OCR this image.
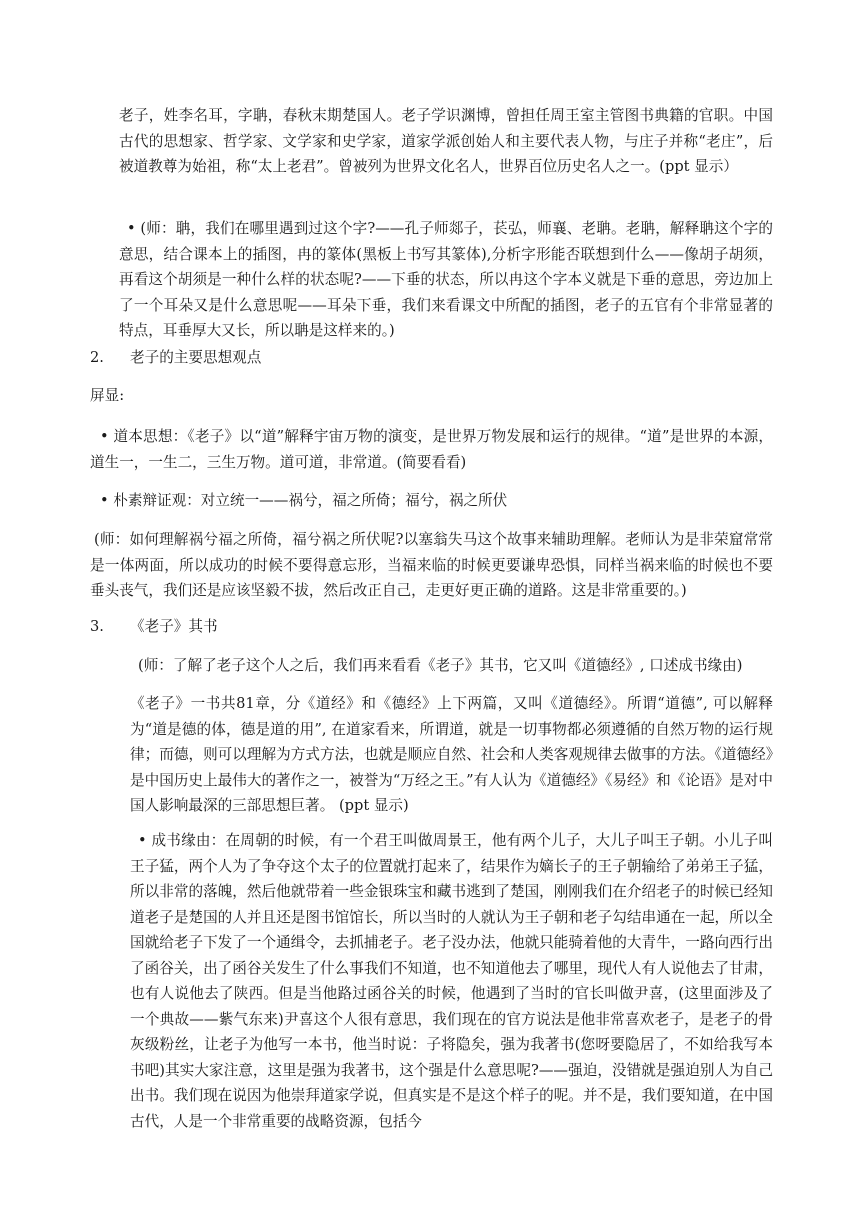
老子，姓李名耳，字聃，春秋末期楚国人。老子学识渊博，曾担任周王室主管图书典籍的官职。中国古代的思想家、哲学家、文学家和史学家，道家学派创始人和主要代表人物，与庄子并称“老庄”，后被道教尊为始祖，称“太上老君”。曾被列为世界文化名人，世界百位历史名人之一。(ppt 显示）

• (师：聃，我们在哪里遇到过这个字?——孔子师郯子，苌弘，师襄、老聃。老聃，解释聃这个字的意思，结合课本上的插图，冉的篆体(黑板上书写其篆体),分析字形能否联想到什么——像胡子胡须，再看这个胡须是一种什么样的状态呢?——下垂的状态，所以冉这个字本义就是下垂的意思，旁边加上了一个耳朵又是什么意思呢——耳朵下垂，我们来看课文中所配的插图，老子的五官有个非常显著的特点，耳垂厚大又长，所以聃是这样来的。)

2. 老子的主要思想观点
屏显:

• 道本思想：《老子》以“道”解释宇宙万物的演变，是世界万物发展和运行的规律。“道”是世界的本源，道生一，一生二，三生万物。道可道，非常道。(简要看看)

• 朴素辩证观：对立统一——祸兮，福之所倚；福兮，祸之所伏

(师：如何理解祸兮福之所倚，福兮祸之所伏呢?以塞翁失马这个故事来辅助理解。老师认为是非荣窟常常是一体两面，所以成功的时候不要得意忘形，当福来临的时候更要谦卑恐惧，同样当祸来临的时候也不要垂头丧气，我们还是应该坚毅不拔，然后改正自己，走更好更正确的道路。这是非常重要的。)

3. 《老子》其书

(师：了解了老子这个人之后，我们再来看看《老子》其书，它又叫《道德经》, 口述成书缘由)

《老子》一书共81章，分《道经》和《德经》上下两篇，又叫《道德经》。所谓“道德”, 可以解释为“道是德的体，德是道的用”, 在道家看来，所谓道，就是一切事物都必须遵循的自然万物的运行规律；而德，则可以理解为方式方法，也就是顺应自然、社会和人类客观规律去做事的方法。《道德经》是中国历史上最伟大的著作之一，被誉为“万经之王。”有人认为《道德经》《易经》和《论语》是对中国人影响最深的三部思想巨著。 (ppt 显示)

• 成书缘由：在周朝的时候，有一个君王叫做周景王，他有两个儿子，大儿子叫王子朝。小儿子叫王子猛，两个人为了争夺这个太子的位置就打起来了，结果作为嫡长子的王子朝输给了弟弟王子猛，所以非常的落魄，然后他就带着一些金银珠宝和藏书逃到了楚国，刚刚我们在介绍老子的时候已经知道老子是楚国的人并且还是图书馆馆长，所以当时的人就认为王子朝和老子勾结串通在一起，所以全国就给老子下发了一个通缉令，去抓捕老子。老子没办法，他就只能骑着他的大青牛，一路向西行出了函谷关，出了函谷关发生了什么事我们不知道，也不知道他去了哪里，现代人有人说他去了甘肃，也有人说他去了陕西。但是当他路过函谷关的时候，他遇到了当时的官长叫做尹喜，(这里面涉及了一个典故——紫气东来)尹喜这个人很有意思，我们现在的官方说法是他非常喜欢老子，是老子的骨灰级粉丝，让老子为他写一本书，他当时说：子将隐矣，强为我著书(您呀要隐居了，不如给我写本书吧)其实大家注意，这里是强为我著书，这个强是什么意思呢?——强迫，没错就是强迫别人为自己出书。我们现在说因为他崇拜道家学说，但真实是不是这个样子的呢。并不是，我们要知道，在中国古代，人是一个非常重要的战略资源，包括今
